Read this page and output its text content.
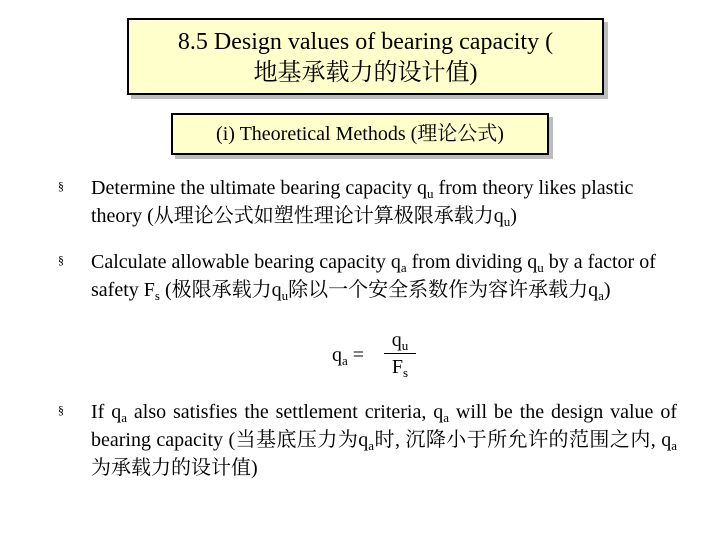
8.5 Design values of bearing capacity (
地基承载力的设计值)
(i) Theoretical Methods (理论公式)
§ Determine the ultimate bearing capacity $q_u$ from theory likes plastic theory (从理论公式如塑性理论计算极限承载力$q_u$)

§ Calculate allowable bearing capacity $q_a$ from dividing $q_u$ by a factor of safety $F_s$ (极限承载力$q_u$除以一个安全系数作为容许承载力$q_a$)

$q_a$ =
$q_u$
$F_s$
§ If $q_a$ also satisfies the settlement criteria, $q_a$ will be the design value of bearing capacity (当基底压力为$q_a$时, 沉降小于所允许的范围之内, $q_a$ 为承载力的设计值)
